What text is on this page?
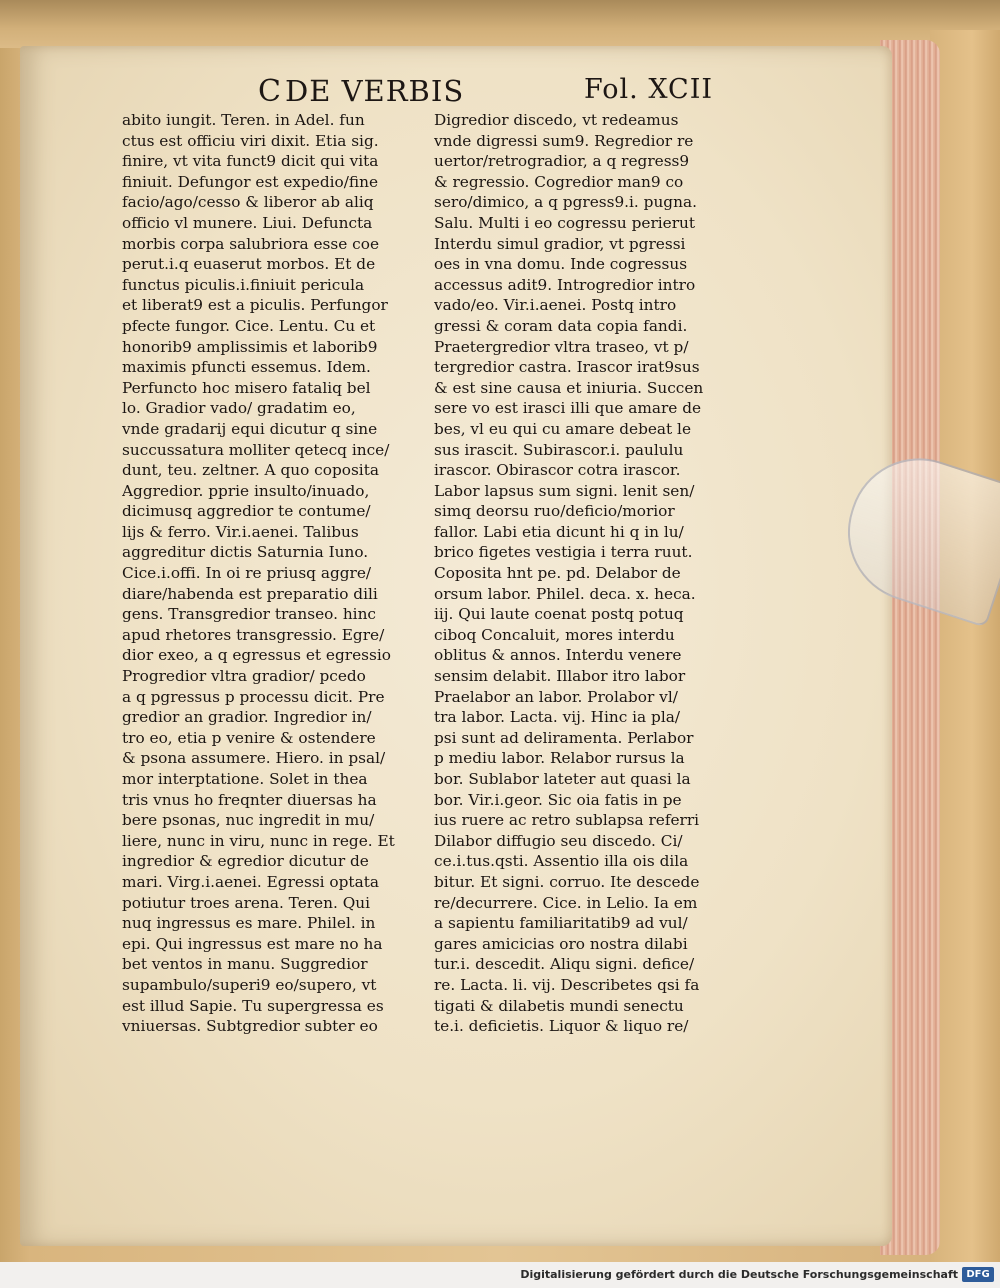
C DE VERBIS	Fol. XCII
abito iungit. Teren. in Adel. fun
ctus est officiu viri dixit. Etia sig.
finire, vt vita funct9 dicit qui vita
finiuit. Defungor est expedio/fine
facio/ago/cesso & liberor ab aliq
officio vl munere. Liui. Defuncta
morbis corpa salubriora esse coe
perut.i.q euaserut morbos. Et de
functus piculis.i.finiuit pericula
et liberat9 est a piculis. Perfungor
pfecte fungor. Cice. Lentu. Cu et
honorib9 amplissimis et laborib9
maximis pfuncti essemus. Idem.
Perfuncto hoc misero fataliq bel
lo. Gradior vado/ gradatim eo,
vnde gradarij equi dicutur q sine
succussatura molliter qetecq ince/
dunt, teu. zeltner. A quo coposita
Aggredior. pprie insulto/inuado,
dicimusq aggredior te contume/
lijs & ferro. Vir.i.aenei. Talibus
aggreditur dictis Saturnia Iuno.
Cice.i.offi. In oi re priusq aggre/
diare/habenda est preparatio dili
gens. Transgredior transeo. hinc
apud rhetores transgressio. Egre/
dior exeo, a q egressus et egressio
Progredior vltra gradior/ pcedo
a q pgressus p processu dicit. Pre
gredior an gradior. Ingredior in/
tro eo, etia p venire & ostendere
& psona assumere. Hiero. in psal/
mor interptatione. Solet in thea
tris vnus ho freqnter diuersas ha
bere psonas, nuc ingredit in mu/
liere, nunc in viru, nunc in rege. Et
ingredior & egredior dicutur de
mari. Virg.i.aenei. Egressi optata
potiutur troes arena. Teren. Qui
nuq ingressus es mare. Philel. in
epi. Qui ingressus est mare no ha
bet ventos in manu. Suggredior
supambulo/superi9 eo/supero, vt
est illud Sapie. Tu supergressa es
vniuersas. Subtgredior subter eo
Digredior discedo, vt redeamus
vnde digressi sum9. Regredior re
uertor/retrogradior, a q regress9
& regressio. Cogredior man9 co
sero/dimico, a q pgress9.i. pugna.
Salu. Multi i eo cogressu perierut
Interdu simul gradior, vt pgressi
oes in vna domu. Inde cogressus
accessus adit9. Introgredior intro
vado/eo. Vir.i.aenei. Postq intro
gressi & coram data copia fandi.
Praetergredior vltra traseo, vt p/
tergredior castra. Irascor irat9sus
& est sine causa et iniuria. Succen
sere vo est irasci illi que amare de
bes, vl eu qui cu amare debeat le
sus irascit. Subirascor.i. paululu
irascor. Obirascor cotra irascor.
Labor lapsus sum signi. lenit sen/
simq deorsu ruo/deficio/morior
fallor. Labi etia dicunt hi q in lu/
brico figetes vestigia i terra ruut.
Coposita hnt pe. pd. Delabor de
orsum labor. Philel. deca. x. heca.
iij. Qui laute coenat postq potuq
ciboq Concaluit, mores interdu
oblitus & annos. Interdu venere
sensim delabit. Illabor itro labor
Praelabor an labor. Prolabor vl/
tra labor. Lacta. vij. Hinc ia pla/
psi sunt ad deliramenta. Perlabor
p mediu labor. Relabor rursus la
bor. Sublabor lateter aut quasi la
bor. Vir.i.geor. Sic oia fatis in pe
ius ruere ac retro sublapsa referri
Dilabor diffugio seu discedo. Ci/
ce.i.tus.qsti. Assentio illa ois dila
bitur. Et signi. corruo. Ite descede
re/decurrere. Cice. in Lelio. Ia em
a sapientu familiaritatib9 ad vul/
gares amicicias oro nostra dilabi
tur.i. descedit. Aliqu signi. defice/
re. Lacta. li. vij. Describetes qsi fa
tigati & dilabetis mundi senectu
te.i. deficietis. Liquor & liquo re/
Digitalisierung gefördert durch die Deutsche Forschungsgemeinschaft DFG
